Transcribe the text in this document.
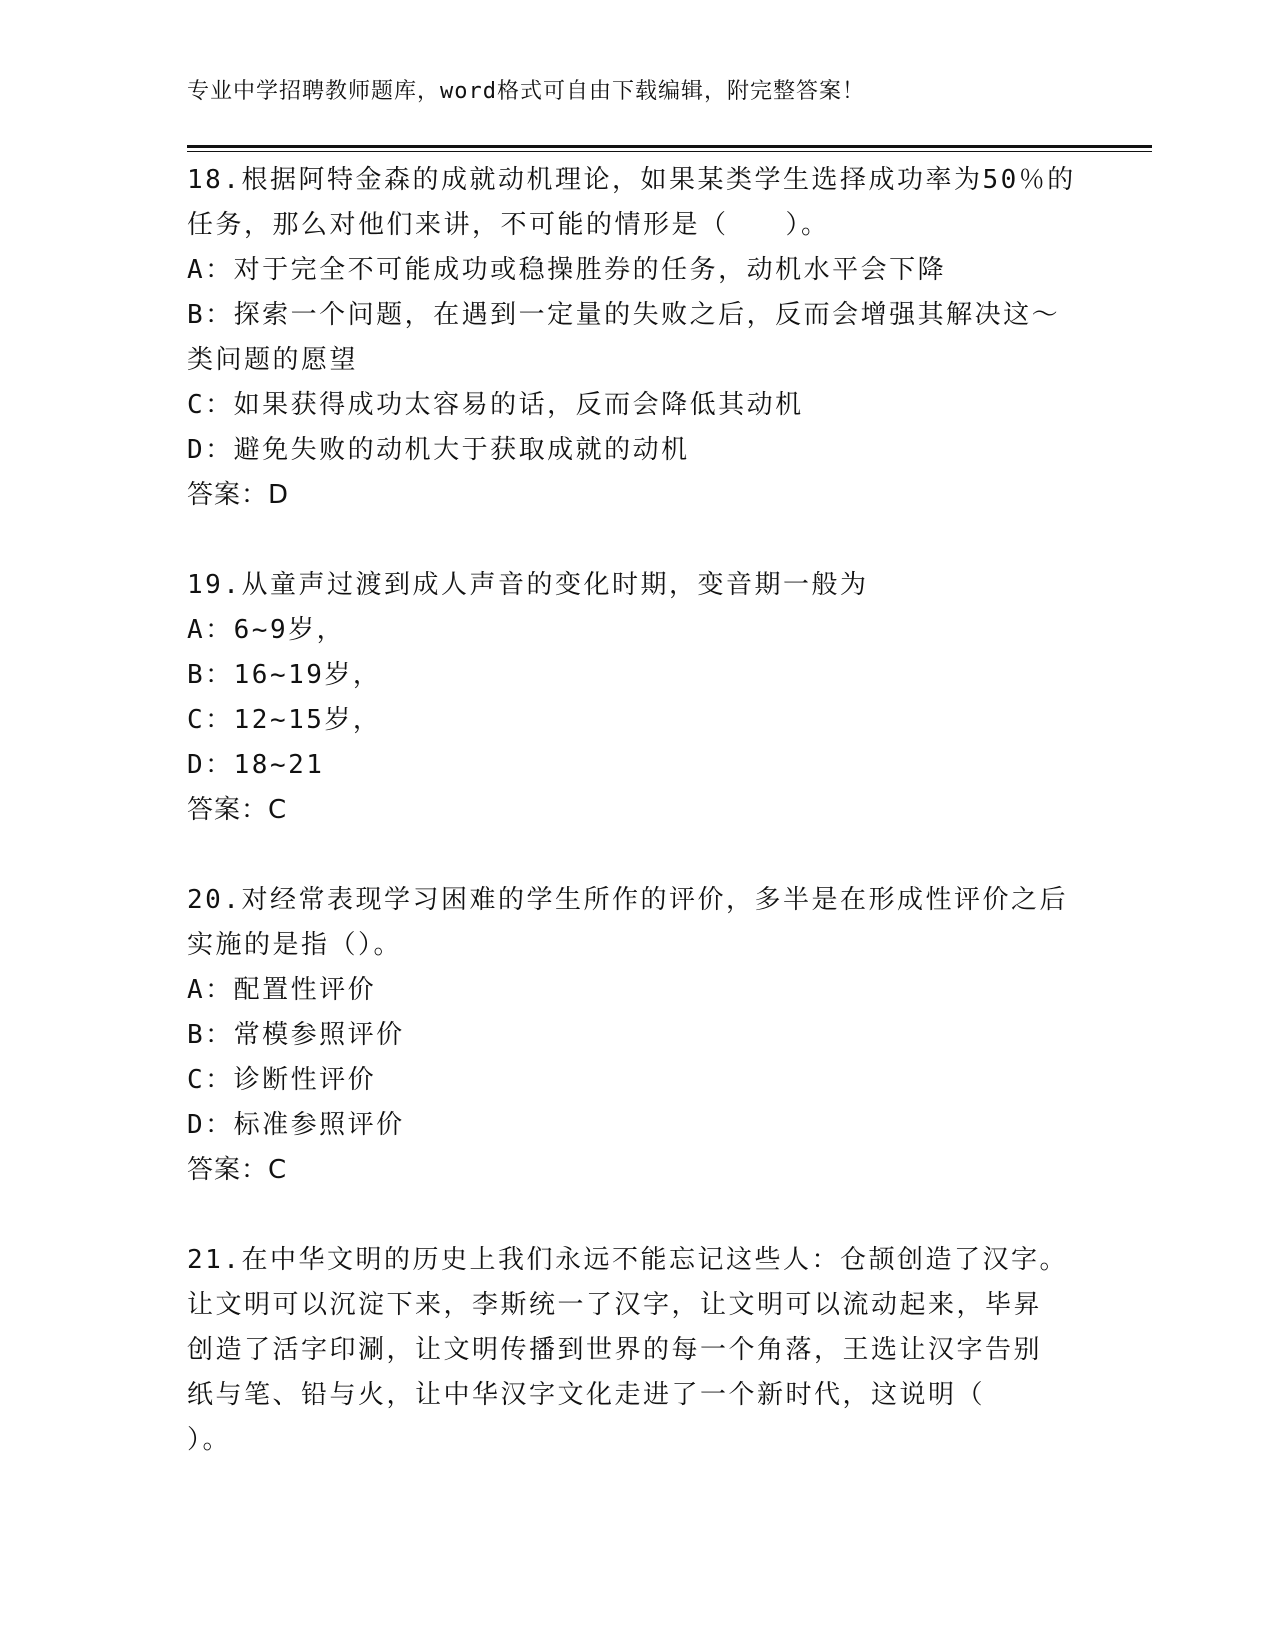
专业中学招聘教师题库，word格式可自由下载编辑，附完整答案！
18.根据阿特金森的成就动机理论，如果某类学生选择成功率为50％的
任务，那么对他们来讲，不可能的情形是（　　）。
A：对于完全不可能成功或稳操胜券的任务，动机水平会下降
B：探索一个问题，在遇到一定量的失败之后，反而会增强其解决这～
类问题的愿望
C：如果获得成功太容易的话，反而会降低其动机
D：避免失败的动机大于获取成就的动机
答案：D
19.从童声过渡到成人声音的变化时期，变音期一般为
A：6~9岁，
B：16~19岁，
C：12~15岁，
D：18~21
答案：C
20.对经常表现学习困难的学生所作的评价，多半是在形成性评价之后
实施的是指（）。
A：配置性评价
B：常模参照评价
C：诊断性评价
D：标准参照评价
答案：C
21.在中华文明的历史上我们永远不能忘记这些人：仓颉创造了汉字。
让文明可以沉淀下来，李斯统一了汉字，让文明可以流动起来，毕昇
创造了活字印涮，让文明传播到世界的每一个角落，王选让汉字告别
纸与笔、铅与火，让中华汉字文化走进了一个新时代，这说明（
）。
